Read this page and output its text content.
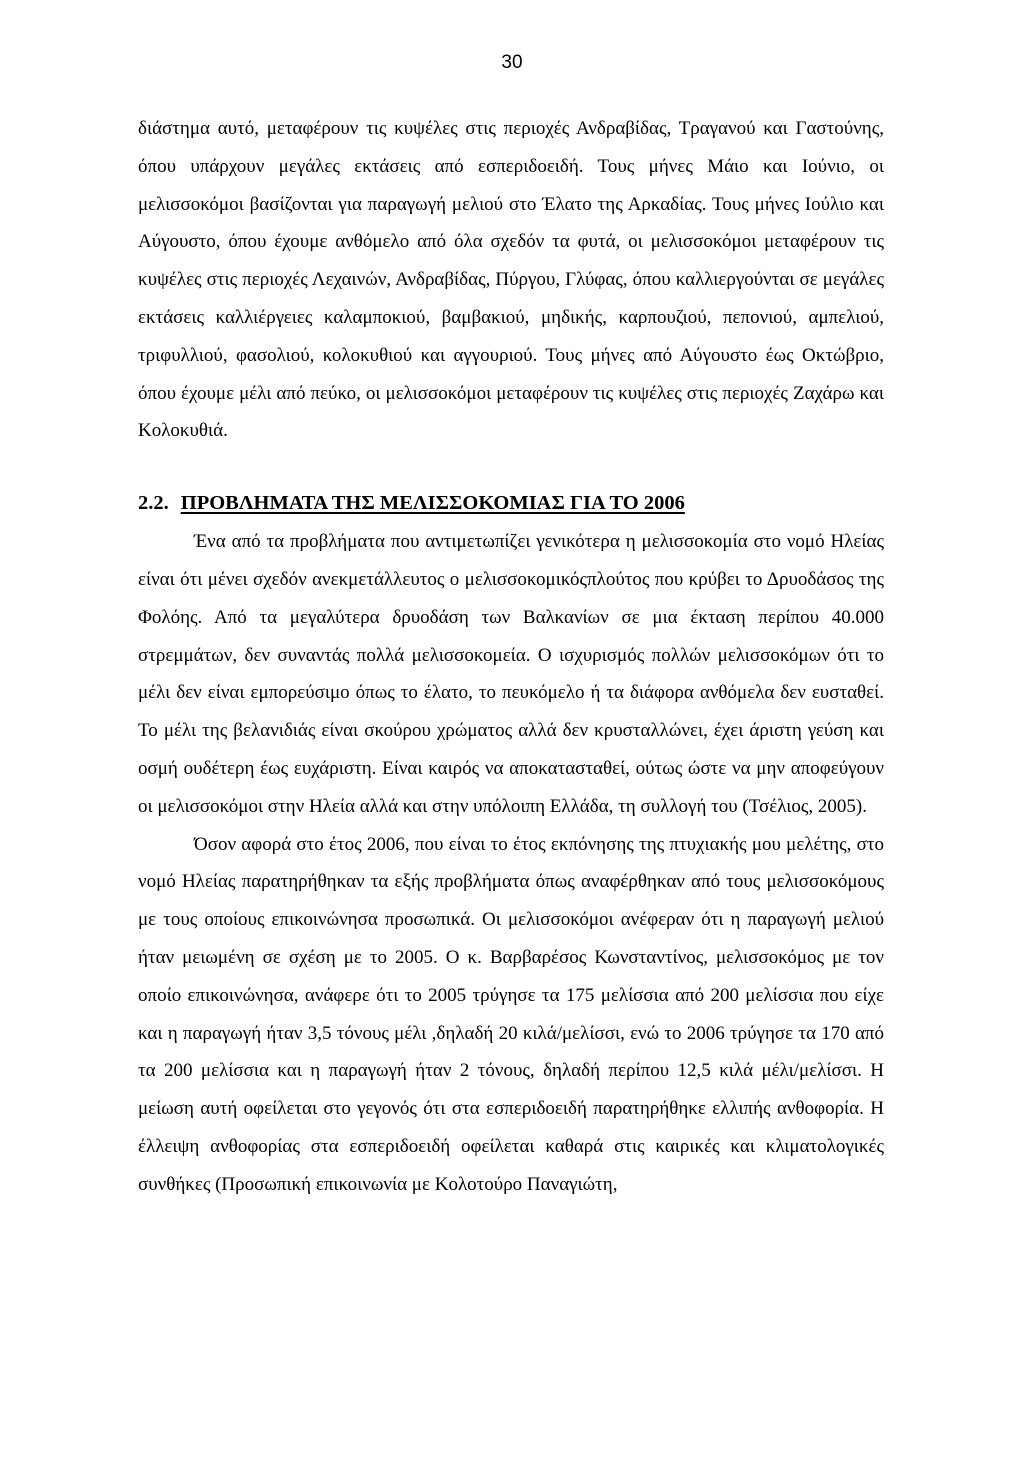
30

διάστημα αυτό, μεταφέρουν τις κυψέλες στις περιοχές Ανδραβίδας, Τραγανού και Γαστούνης, όπου υπάρχουν μεγάλες εκτάσεις από εσπεριδοειδή. Τους μήνες Μάιο και Ιούνιο, οι μελισσοκόμοι βασίζονται για παραγωγή μελιού στο Έλατο της Αρκαδίας. Τους μήνες Ιούλιο και Αύγουστο, όπου έχουμε ανθόμελο από όλα σχεδόν τα φυτά, οι μελισσοκόμοι μεταφέρουν τις κυψέλες στις περιοχές Λεχαινών, Ανδραβίδας, Πύργου, Γλύφας, όπου καλλιεργούνται σε μεγάλες εκτάσεις καλλιέργειες καλαμποκιού, βαμβακιού, μηδικής, καρπουζιού, πεπονιού, αμπελιού, τριφυλλιού, φασολιού, κολοκυθιού και αγγουριού. Τους μήνες από Αύγουστο έως Οκτώβριο, όπου έχουμε μέλι από πεύκο, οι μελισσοκόμοι μεταφέρουν τις κυψέλες στις περιοχές Ζαχάρω και Κολοκυθιά.

2.2. ΠΡΟΒΛΗΜΑΤΑ ΤΗΣ ΜΕΛΙΣΣΟΚΟΜΙΑΣ ΓΙΑ ΤΟ 2006

Ένα από τα προβλήματα που αντιμετωπίζει γενικότερα η μελισσοκομία στο νομό Ηλείας είναι ότι μένει σχεδόν ανεκμετάλλευτος ο μελισσοκομικόςπλούτος που κρύβει το Δρυοδάσος της Φολόης. Από τα μεγαλύτερα δρυοδάση των Βαλκανίων σε μια έκταση περίπου 40.000 στρεμμάτων, δεν συναντάς πολλά μελισσοκομεία. Ο ισχυρισμός πολλών μελισσοκόμων ότι το μέλι δεν είναι εμπορεύσιμο όπως το έλατο, το πευκόμελο ή τα διάφορα ανθόμελα δεν ευσταθεί. Το μέλι της βελανιδιάς είναι σκούρου χρώματος αλλά δεν κρυσταλλώνει, έχει άριστη γεύση και οσμή ουδέτερη έως ευχάριστη. Είναι καιρός να αποκατασταθεί, ούτως ώστε να μην αποφεύγουν οι μελισσοκόμοι στην Ηλεία αλλά και στην υπόλοιπη Ελλάδα, τη συλλογή του (Τσέλιος, 2005).

Όσον αφορά στο έτος 2006, που είναι το έτος εκπόνησης της πτυχιακής μου μελέτης, στο νομό Ηλείας παρατηρήθηκαν τα εξής προβλήματα όπως αναφέρθηκαν από τους μελισσοκόμους με τους οποίους επικοινώνησα προσωπικά. Οι μελισσοκόμοι ανέφεραν ότι η παραγωγή μελιού ήταν μειωμένη σε σχέση με το 2005. Ο κ. Βαρβαρέσος Κωνσταντίνος, μελισσοκόμος με τον οποίο επικοινώνησα, ανάφερε ότι το 2005 τρύγησε τα 175 μελίσσια από 200 μελίσσια που είχε και η παραγωγή ήταν 3,5 τόνους μέλι ,δηλαδή 20 κιλά/μελίσσι, ενώ το 2006 τρύγησε τα 170 από τα 200 μελίσσια και η παραγωγή ήταν 2 τόνους, δηλαδή περίπου 12,5 κιλά μέλι/μελίσσι. Η μείωση αυτή οφείλεται στο γεγονός ότι στα εσπεριδοειδή παρατηρήθηκε ελλιπής ανθοφορία. Η έλλειψη ανθοφορίας στα εσπεριδοειδή οφείλεται καθαρά στις καιρικές και κλιματολογικές συνθήκες (Προσωπική επικοινωνία με Κολοτούρο Παναγιώτη,
